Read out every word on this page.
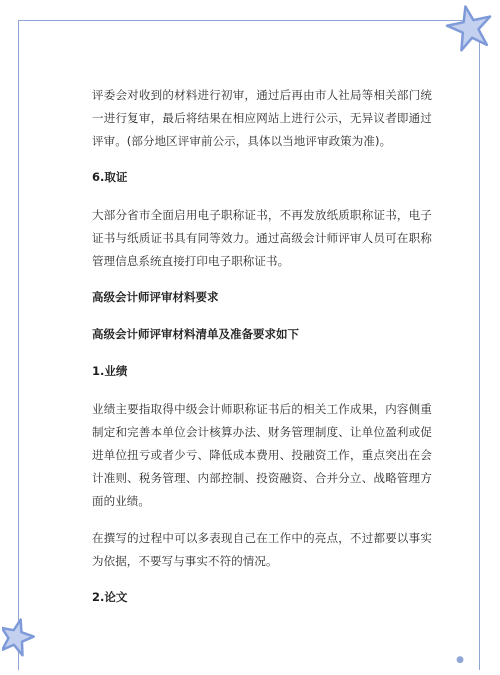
●

评委会对收到的材料进行初审，通过后再由市人社局等相关部门统一进行复审，最后将结果在相应网站上进行公示，无异议者即通过评审。(部分地区评审前公示，具体以当地评审政策为准)。

6.取证

大部分省市全面启用电子职称证书，不再发放纸质职称证书，电子证书与纸质证书具有同等效力。通过高级会计师评审人员可在职称管理信息系统直接打印电子职称证书。

高级会计师评审材料要求
高级会计师评审材料清单及准备要求如下
1.业绩

业绩主要指取得中级会计师职称证书后的相关工作成果，内容侧重制定和完善本单位会计核算办法、财务管理制度、让单位盈利或促进单位扭亏或者少亏、降低成本费用、投融资工作，重点突出在会计准则、税务管理、内部控制、投资融资、合并分立、战略管理方面的业绩。

在撰写的过程中可以多表现自己在工作中的亮点，不过都要以事实为依据，不要写与事实不符的情况。

2.论文
